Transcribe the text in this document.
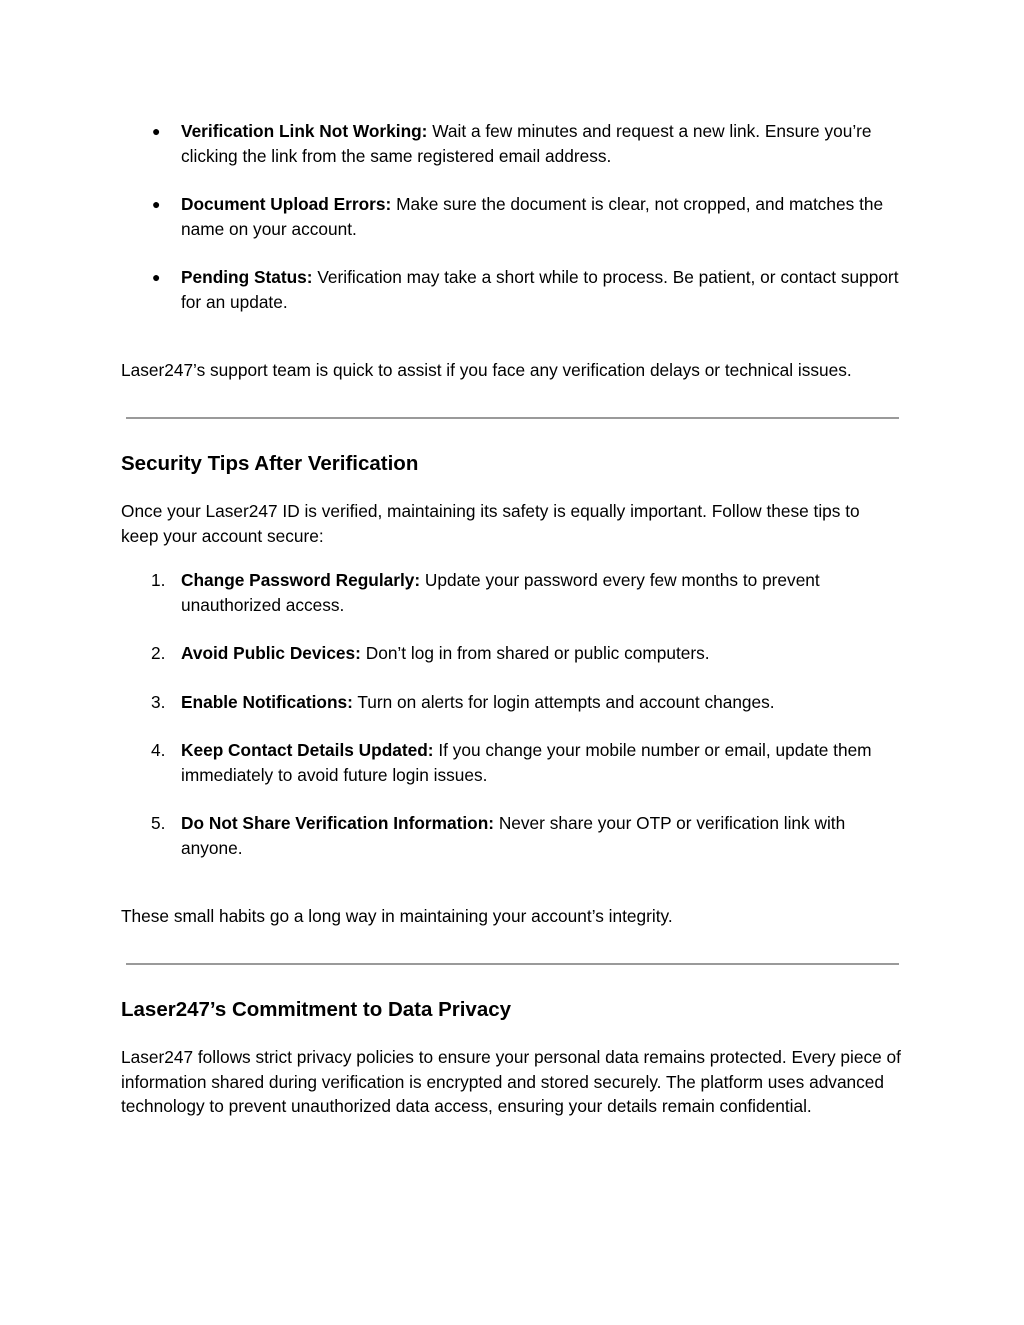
● Verification Link Not Working: Wait a few minutes and request a new link. Ensure you’re clicking the link from the same registered email address.
● Document Upload Errors: Make sure the document is clear, not cropped, and matches the name on your account.
● Pending Status: Verification may take a short while to process. Be patient, or contact support for an update.

Laser247’s support team is quick to assist if you face any verification delays or technical issues.

Security Tips After Verification

Once your Laser247 ID is verified, maintaining its safety is equally important. Follow these tips to keep your account secure:

1. Change Password Regularly: Update your password every few months to prevent unauthorized access.
2. Avoid Public Devices: Don’t log in from shared or public computers.
3. Enable Notifications: Turn on alerts for login attempts and account changes.
4. Keep Contact Details Updated: If you change your mobile number or email, update them immediately to avoid future login issues.
5. Do Not Share Verification Information: Never share your OTP or verification link with anyone.

These small habits go a long way in maintaining your account’s integrity.

Laser247’s Commitment to Data Privacy

Laser247 follows strict privacy policies to ensure your personal data remains protected. Every piece of information shared during verification is encrypted and stored securely. The platform uses advanced technology to prevent unauthorized data access, ensuring your details remain confidential.
